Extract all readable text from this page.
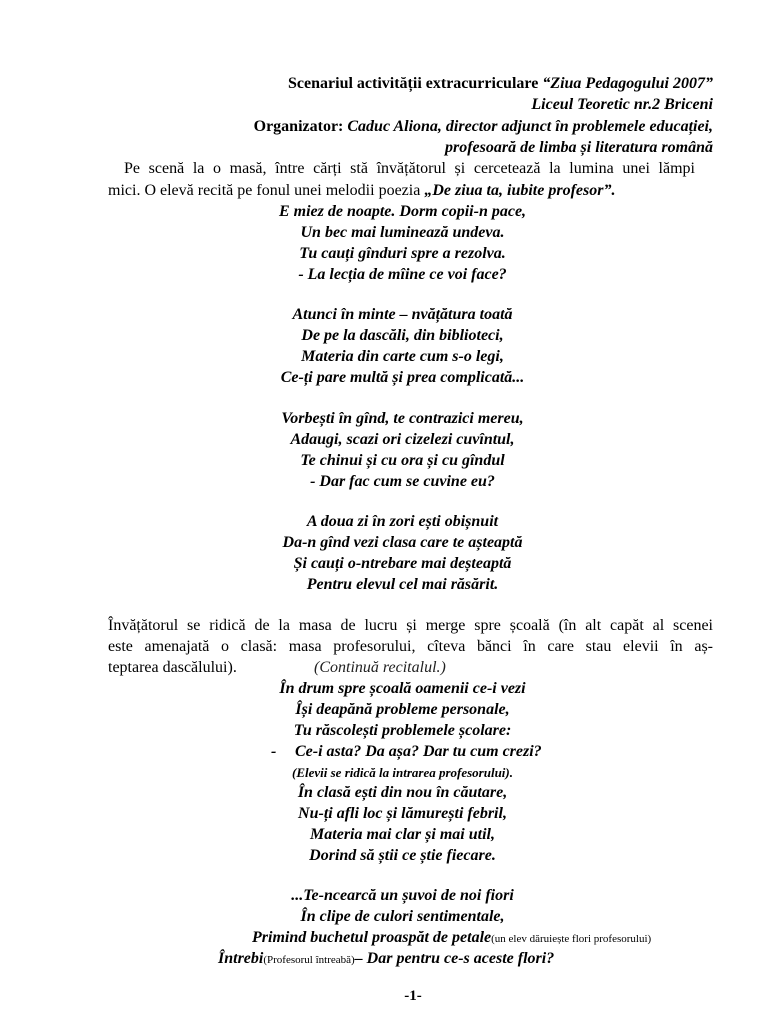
Scenariul activității extracurriculare “Ziua Pedagogului 2007”
Liceul Teoretic nr.2 Briceni
Organizator: Caduc Aliona, director adjunct în problemele educației,
profesoară de limba și literatura română
Pe scenă la o masă, între cărți stă învățătorul și cercetează la lumina unei lămpi
mici. O elevă recită pe fonul unei melodii poezia „De ziua ta, iubite profesor”.
E miez de noapte. Dorm copii-n pace,
Un bec mai luminează undeva.
Tu cauți gînduri spre a rezolva.
- La lecția de mîine ce voi face?
Atunci în minte – nvățătura toată
De pe la dascăli, din biblioteci,
Materia din carte cum s-o legi,
Ce-ți pare multă și prea complicată...
Vorbești în gînd, te contrazici mereu,
Adaugi, scazi ori cizelezi cuvîntul,
Te chinui și cu ora și cu gîndul
- Dar fac cum se cuvine eu?
A doua zi în zori ești obișnuit
Da-n gînd vezi clasa care te așteaptă
Și cauți o-ntrebare mai deșteaptă
Pentru elevul cel mai răsărit.
Învățătorul se ridică de la masa de lucru și merge spre școală (în alt capăt al scenei
este amenajată o clasă: masa profesorului, cîteva bănci în care stau elevii în aș-
teptarea dascălului).	(Continuă recitalul.)
În drum spre școală oamenii ce-i vezi
Își deapănă probleme personale,
Tu răscolești problemele școlare:
- Ce-i asta? Da așa? Dar tu cum crezi?
(Elevii se ridică la intrarea profesorului).
În clasă ești din nou în căutare,
Nu-ți afli loc și lămurești febril,
Materia mai clar și mai util,
Dorind să știi ce știe fiecare.
...Te-ncearcă un șuvoi de noi fiori
În clipe de culori sentimentale,
Primind buchetul proaspăt de petale(un elev dăruiește flori profesorului)
Întrebi(Profesorul întreabă)– Dar pentru ce-s aceste flori?
-1-
